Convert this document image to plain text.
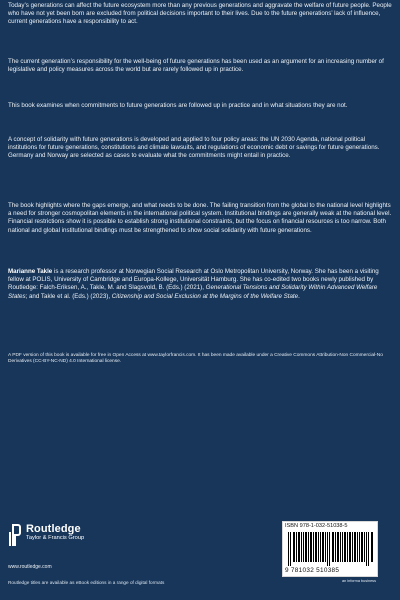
Today’s generations can affect the future ecosystem more than any previous generations and aggravate the welfare of future people. People who have not yet been born are excluded from political decisions important to their lives. Due to the future generations’ lack of influence, current generations have a responsibility to act.

The current generation’s responsibility for the well-being of future generations has been used as an argument for an increasing number of legislative and policy measures across the world but are rarely followed up in practice.

This book examines when commitments to future generations are followed up in practice and in what situations they are not.

A concept of solidarity with future generations is developed and applied to four policy areas: the UN 2030 Agenda, national political institutions for future generations, constitutions and climate lawsuits, and regulations of economic debt or savings for future generations. Germany and Norway are selected as cases to evaluate what the commitments might entail in practice.

The book highlights where the gaps emerge, and what needs to be done. The failing transition from the global to the national level highlights a need for stronger cosmopolitan elements in the international political system. Institutional bindings are generally weak at the national level. Financial restrictions show it is possible to establish strong institutional constraints, but the focus on financial resources is too narrow. Both national and global institutional bindings must be strengthened to show social solidarity with future generations.

Marianne Takle is a research professor at Norwegian Social Research at Oslo Metropolitan University, Norway. She has been a visiting fellow at POLIS, University of Cambridge and Europa-Kollege, Universität Hamburg. She has co-edited two books newly published by Routledge: Falch-Eriksen, A., Takle, M. and Slagsvold, B. (Eds.) (2021), Generational Tensions and Solidarity Within Advanced Welfare States; and Takle et al. (Eds.) (2023), Citizenship and Social Exclusion at the Margins of the Welfare State.

A PDF version of this book is available for free in Open Access at www.taylorfrancis.com. It has been made available under a Creative Commons Attribution-Non Commercial-No Derivatives (CC-BY-NC-ND) 4.0 International license.

Routledge
Taylor & Francis Group
www.routledge.com
Routledge titles are available as eBook editions in a range of digital formats
ISBN 978-1-032-51038-5
9 781032 510385
an informa business
